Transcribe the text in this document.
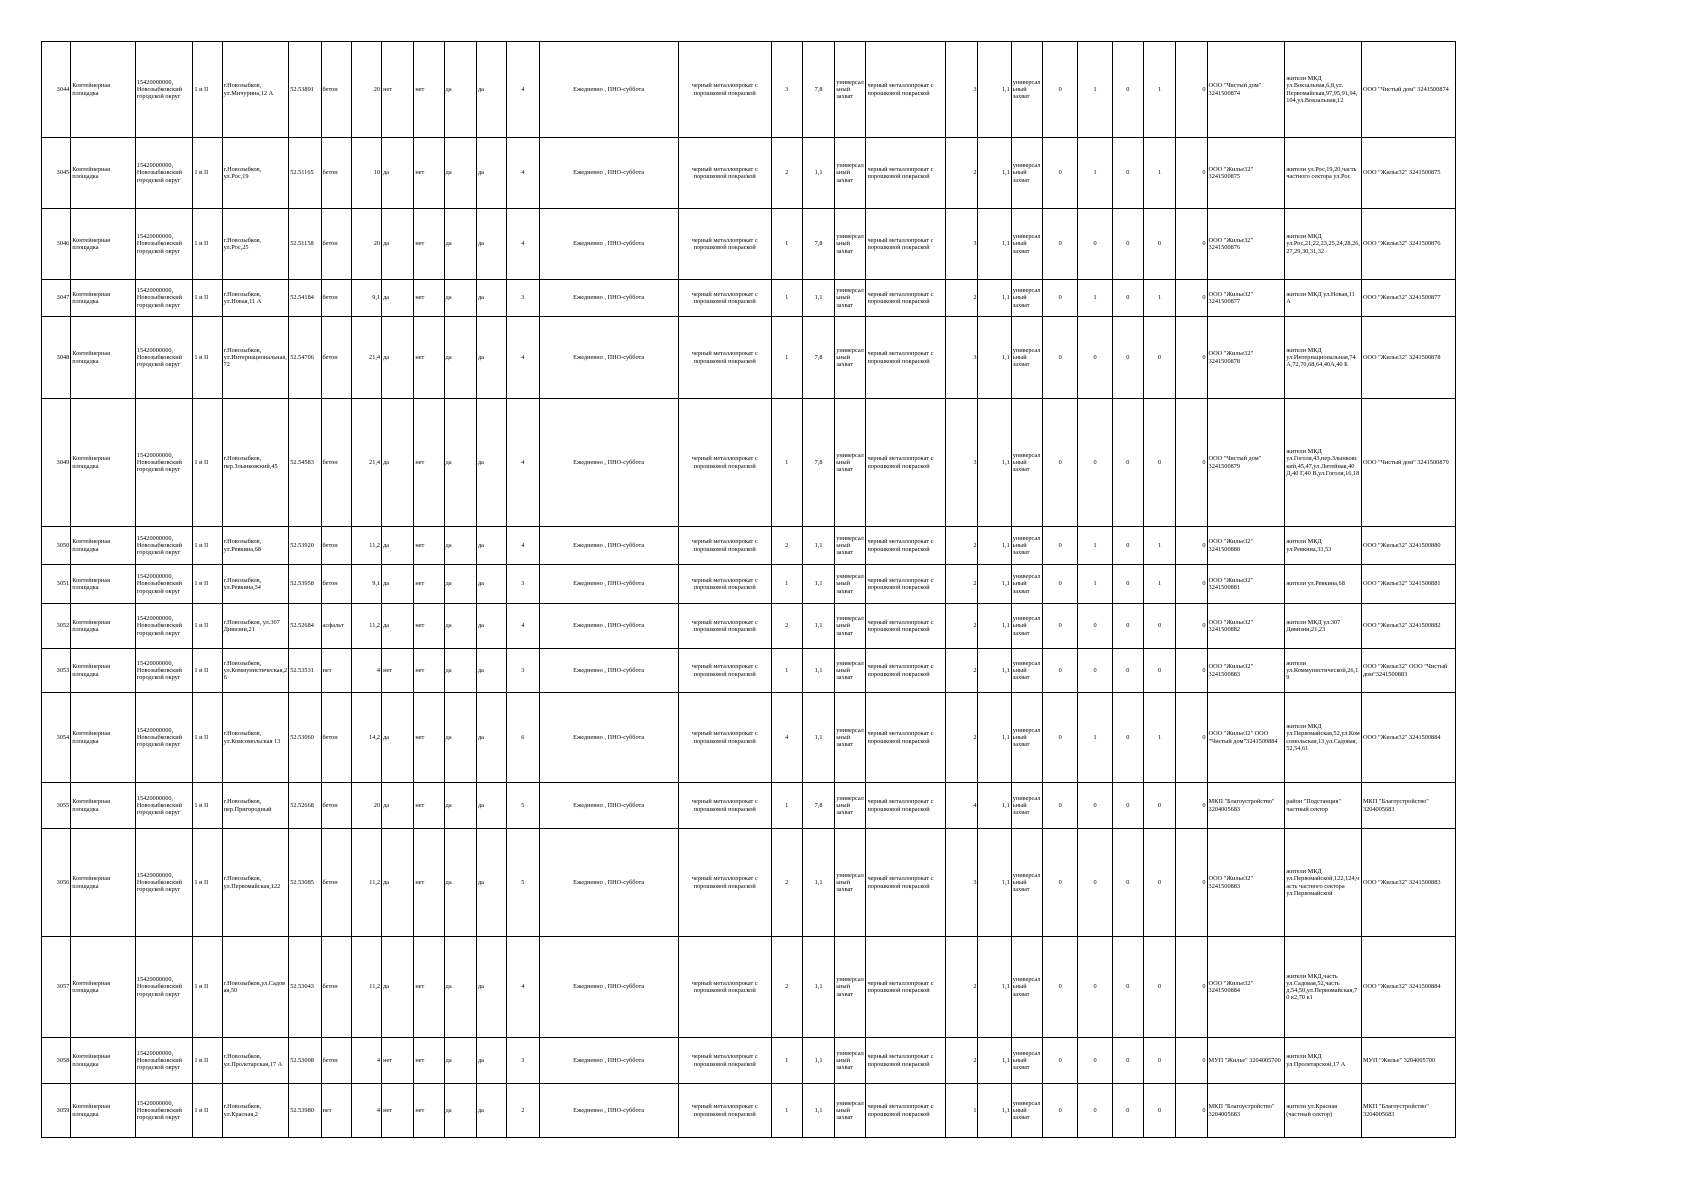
3044	Контейнерная площадка	15420000000, Новозыбковский городской округ	1 и II	г.Новозыбков, ул.Мичурина,12 А	52.53891	бетон	20	нет	нет	да	да	4	Ежедневно , ПНО-суббота	черный металлопрокат с порошковой покраской	3	7,8	универсальный захват	черный металлопрокат с порошковой покраской	3	1,1	универсальный захват	0	1	0	1	0	ООО "Чистый дом" 3241500874	жители МКД ул.Вокзальная,6,8,ул. Первомайская,97,95,91,94,104,ул.Вокзальная,12	ООО "Чистый дом" 3241500874
3045	Контейнерная площадка	15420000000, Новозыбковский городской округ	1 и II	г.Новозыбков, ул.Рос,19	52.51165	бетон	10	да	нет	да	да	4	Ежедневно , ПНО-суббота	черный металлопрокат с порошковой покраской	2	1,1	универсальный захват	черный металлопрокат с порошковой покраской	2	1,1	универсальный захват	0	1	0	1	0	ООО "Жилье32" 3241500875	жители ул.Рос,19,20,часть частного сектора ул.Рос	ООО "Жилье32" 3241500875
3046	Контейнерная площадка	15420000000, Новозыбковский городской округ	1 и II	г.Новозыбков, ул.Рос,25	52.51158	бетон	20	да	нет	да	да	4	Ежедневно , ПНО-суббота	черный металлопрокат с порошковой покраской	1	7,8	универсальный захват	черный металлопрокат с порошковой покраской	3	1,1	универсальный захват	0	0	0	0	0	ООО "Жилье32" 3241500876	жители МКД ул.Рос,21,22,23,25,24,28,26,27,29,30,31,32	ООО "Жилье32" 3241500876
3047	Контейнерная площадка	15420000000, Новозыбковский городской округ	1 и II	г.Новозыбков, ул.Новая,11 А	52.54184	бетон	9,1	да	нет	да	да	3	Ежедневно , ПНО-суббота	черный металлопрокат с порошковой покраской	1	1,1	универсальный захват	черный металлопрокат с порошковой покраской	2	1,1	универсальный захват	0	1	0	1	0	ООО "Жилье32" 3241500877	жители МКД ул.Новая,11 А	ООО "Жилье32" 3241500877
3048	Контейнерная площадка	15420000000, Новозыбковский городской округ	1 и II	г.Новозыбков, ул.Интернациональная,72	52.54706	бетон	21,4	да	нет	да	да	4	Ежедневно , ПНО-суббота	черный металлопрокат с порошковой покраской	1	7,8	универсальный захват	черный металлопрокат с порошковой покраской	3	1,1	универсальный захват	0	0	0	0	0	ООО "Жилье32" 3241500878	жители МКД ул.Интернациональная,74 А,72,70,68,64,40А,40 Б	ООО "Жилье32" 3241500878
3049	Контейнерная площадка	15420000000, Новозыбковский городской округ	1 и II	г.Новозыбков, пер.Злынковский,45	52.54583	бетон	21,4	да	нет	да	да	4	Ежедневно , ПНО-суббота	черный металлопрокат с порошковой покраской	1	7,8	универсальный захват	черный металлопрокат с порошковой покраской	3	1,1	универсальный захват	0	0	0	0	0	ООО "Чистый дом" 3241500879	жители МКД ул.Гоголя,43,пер.Злынковский,45,47,ул.Литейная,40 Д,40 Г,40 В,ул.Гоголя,16,18	ООО "Чистый дом" 3241500879
3050	Контейнерная площадка	15420000000, Новозыбковский городской округ	1 и II	г.Новозыбков, ул.Ревкина,68	52.53920	бетон	11,2	да	нет	да	да	4	Ежедневно , ПНО-суббота	черный металлопрокат с порошковой покраской	2	1,1	универсальный захват	черный металлопрокат с порошковой покраской	2	1,1	универсальный захват	0	1	0	1	0	ООО "Жилье32" 3241500880	жители МКД ул.Ревкина,33,53	ООО "Жилье32" 3241500880
3051	Контейнерная площадка	15420000000, Новозыбковский городской округ	1 и II	г.Новозыбков, ул.Ревкина,34	52.53958	бетон	9,1	да	нет	да	да	3	Ежедневно , ПНО-суббота	черный металлопрокат с порошковой покраской	1	1,1	универсальный захват	черный металлопрокат с порошковой покраской	2	1,1	универсальный захват	0	1	0	1	0	ООО "Жилье32" 3241500881	жители ул.Ревкина,68	ООО "Жилье32" 3241500881
3052	Контейнерная площадка	15420000000, Новозыбковский городской округ	1 и II	г.Новозыбков, ул.307 Дивизии,21	52.52684	асфальт	11,2	да	нет	да	да	4	Ежедневно , ПНО-суббота	черный металлопрокат с порошковой покраской	2	1,1	универсальный захват	черный металлопрокат с порошковой покраской	2	1,1	универсальный захват	0	0	0	0	0	ООО "Жилье32" 3241500882	жители МКД ул.307 Дивизии,21,23	ООО "Жилье32" 3241500882
3053	Контейнерная площадка	15420000000, Новозыбковский городской округ	1 и II	г.Новозыбков, ул.Коммунистическая,26	52.53531	нет	4	нет	нет	да	да	3	Ежедневно , ПНО-суббота	черный металлопрокат с порошковой покраской	1	1,1	универсальный захват	черный металлопрокат с порошковой покраской	2	1,1	универсальный захват	0	0	0	0	0	ООО "Жилье32" 3241500883	жители ул.Коммунистической,26,19	ООО "Жилье32" ООО "Чистый дом"3241500883
3054	Контейнерная площадка	15420000000, Новозыбковский городской округ	1 и II	г.Новозыбков, ул.Комсомольская 13	52.53060	бетон	14,2	да	нет	да	да	6	Ежедневно , ПНО-суббота	черный металлопрокат с порошковой покраской	4	1,1	универсальный захват	черный металлопрокат с порошковой покраской	2	1,1	универсальный захват	0	1	0	1	0	ООО "Жилье32" ООО "Чистый дом"3241500884	жители МКД ул.Первомайская,52,ул.Комсомольская,13,ул.Садовая,52,54,61	ООО "Жилье32" 3241500884
3055	Контейнерная площадка	15420000000, Новозыбковский городской округ	1 и II	г.Новозыбков, пер.Пригородный	52.52668	бетон	20	да	нет	да	да	5	Ежедневно , ПНО-суббота	черный металлопрокат с порошковой покраской	1	7,8	универсальный захват	черный металлопрокат с порошковой покраской	4	1,1	универсальный захват	0	0	0	0	0	МКП "Благоустройство" 3204005683	район "Подстанция" частный сектор	МКП "Благоустройство" 3204005683
3056	Контейнерная площадка	15420000000, Новозыбковский городской округ	1 и II	г.Новозыбков, ул.Первомайская,122	52.53085	бетон	11,2	да	нет	да	да	5	Ежедневно , ПНО-суббота	черный металлопрокат с порошковой покраской	2	1,1	универсальный захват	черный металлопрокат с порошковой покраской	3	1,1	универсальный захват	0	0	0	0	0	ООО "Жилье32" 3241500883	жители МКД ул.Первомайской,122,124,часть частного сектора ул.Первомайской	ООО "Жилье32" 3241500883
3057	Контейнерная площадка	15420000000, Новозыбковский городской округ	1 и II	г.Новозыбков,ул.Садовая,50	52.53043	бетон	11,2	да	нет	да	да	4	Ежедневно , ПНО-суббота	черный металлопрокат с порошковой покраской	2	1,1	универсальный захват	черный металлопрокат с порошковой покраской	2	1,1	универсальный захват	0	0	0	0	0	ООО "Жилье32" 3241500884	жители МКД,часть ул.Садовая,52,часть д.54,50,ул.Первомайская,70 к2,70 к1	ООО "Жилье32" 3241500884
3058	Контейнерная площадка	15420000000, Новозыбковский городской округ	1 и II	г.Новозыбков, ул.Пролетарская,17 А	52.53008	бетон	4	нет	нет	да	да	3	Ежедневно , ПНО-суббота	черный металлопрокат с порошковой покраской	1	1,1	универсальный захват	черный металлопрокат с порошковой покраской	2	1,1	универсальный захват	0	0	0	0	0	МУП "Жилье" 3204005700	жители МКД ул.Пролетарской,17 А	МУП "Жилье" 3204005700
3059	Контейнерная площадка	15420000000, Новозыбковский городской округ	1 и II	г.Новозыбков, ул.Красная,2	52.53980	нет	4	нет	нет	да	да	2	Ежедневно , ПНО-суббота	черный металлопрокат с порошковой покраской	1	1,1	универсальный захват	черный металлопрокат с порошковой покраской	1	1,1	универсальный захват	0	0	0	0	0	МКП "Благоустройство" 3204005683	жители ул.Красная (частный сектор)	МКП "Благоустройство" 3204005683
